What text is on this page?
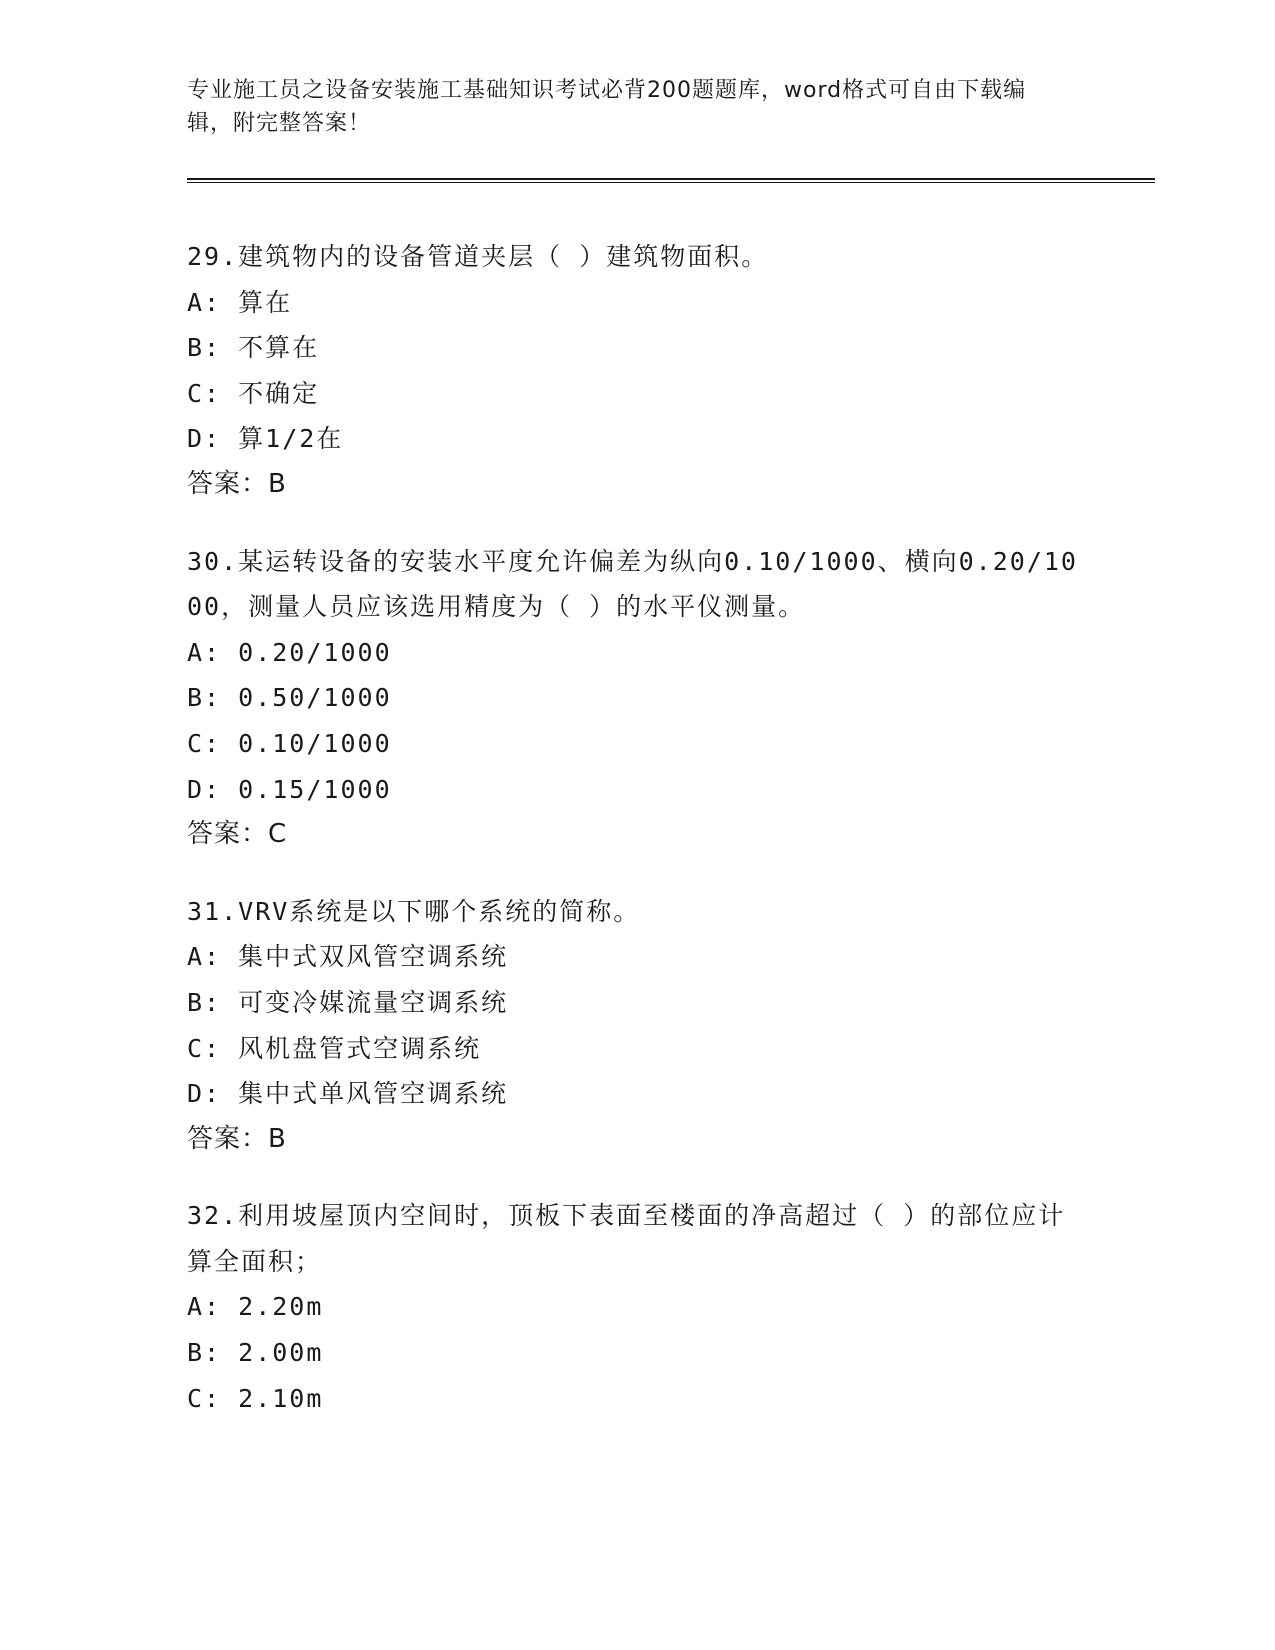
专业施工员之设备安装施工基础知识考试必背200题题库，word格式可自由下载编辑，附完整答案！
29.建筑物内的设备管道夹层（ ）建筑物面积。
A: 算在
B: 不算在
C: 不确定
D: 算1/2在
答案：B
30.某运转设备的安装水平度允许偏差为纵向0.10/1000、横向0.20/1000，测量人员应该选用精度为（ ）的水平仪测量。
A: 0.20/1000
B: 0.50/1000
C: 0.10/1000
D: 0.15/1000
答案：C
31.VRV系统是以下哪个系统的简称。
A: 集中式双风管空调系统
B: 可变冷媒流量空调系统
C: 风机盘管式空调系统
D: 集中式单风管空调系统
答案：B
32.利用坡屋顶内空间时，顶板下表面至楼面的净高超过（ ）的部位应计算全面积；
A: 2.20m
B: 2.00m
C: 2.10m
